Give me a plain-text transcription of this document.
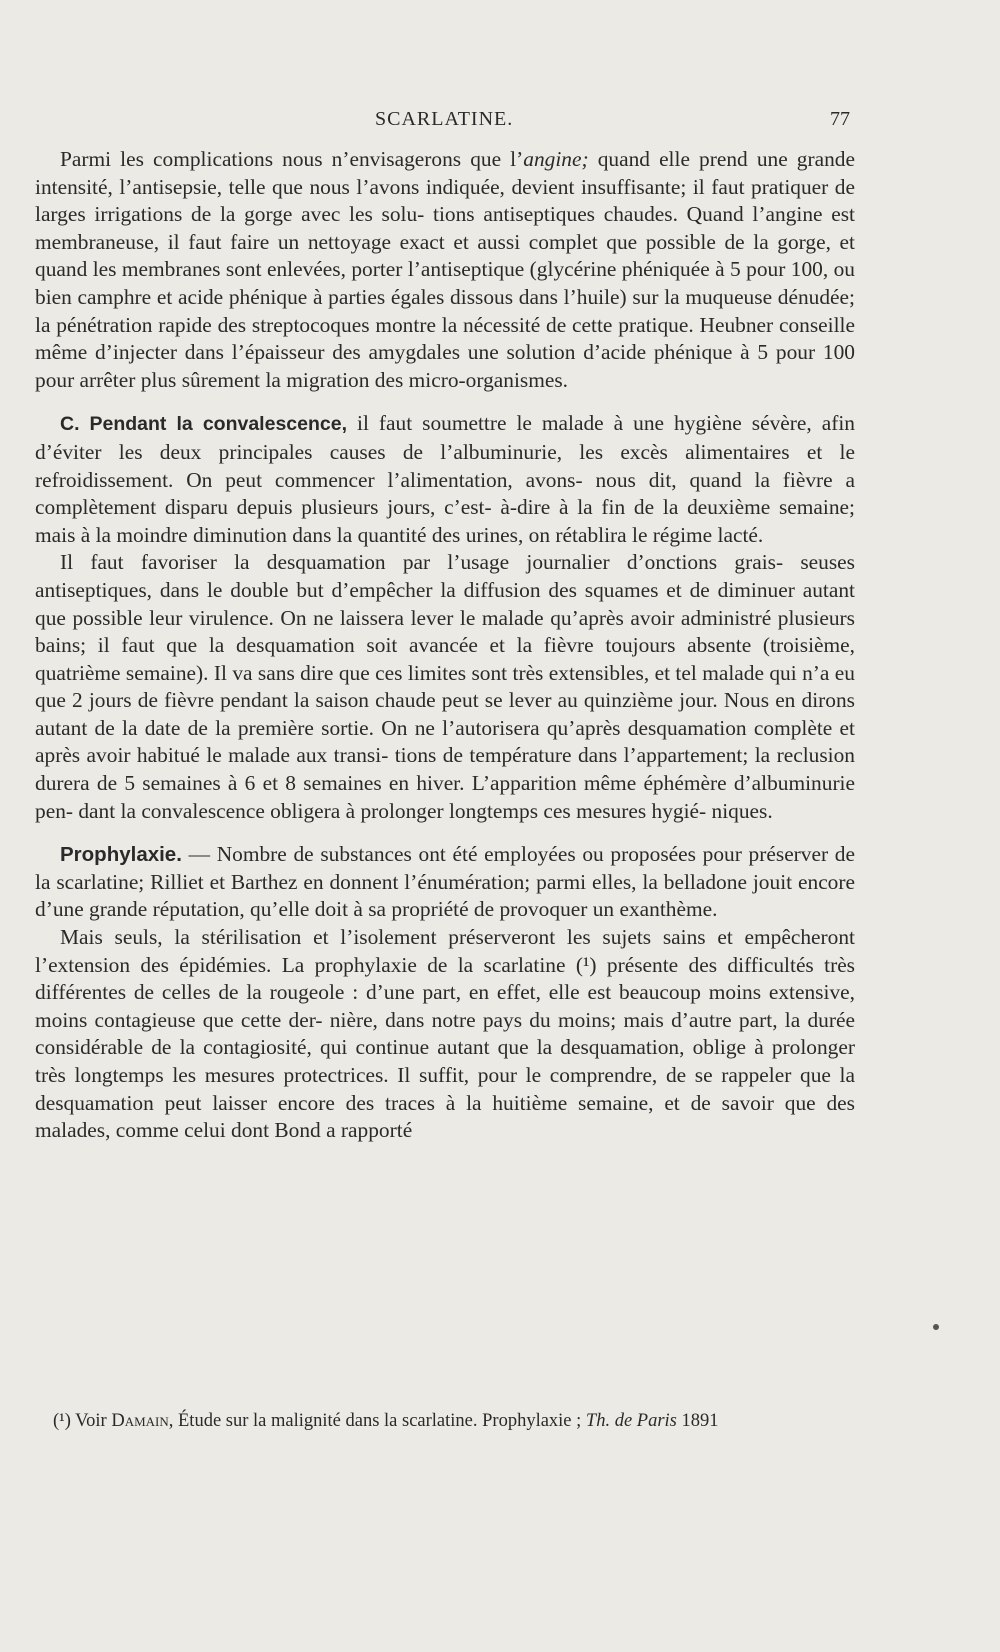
SCARLATINE.	77

Parmi les complications nous n’envisagerons que l’angine; quand elle prend une grande intensité, l’antisepsie, telle que nous l’avons indiquée, devient insuffisante; il faut pratiquer de larges irrigations de la gorge avec les solu- tions antiseptiques chaudes. Quand l’angine est membraneuse, il faut faire un nettoyage exact et aussi complet que possible de la gorge, et quand les membranes sont enlevées, porter l’antiseptique (glycérine phéniquée à 5 pour 100, ou bien camphre et acide phénique à parties égales dissous dans l’huile) sur la muqueuse dénudée; la pénétration rapide des streptocoques montre la nécessité de cette pratique. Heubner conseille même d’injecter dans l’épaisseur des amygdales une solution d’acide phénique à 5 pour 100 pour arrêter plus sûrement la migration des micro-organismes.

C. Pendant la convalescence, il faut soumettre le malade à une hygiène sévère, afin d’éviter les deux principales causes de l’albuminurie, les excès alimentaires et le refroidissement. On peut commencer l’alimentation, avons- nous dit, quand la fièvre a complètement disparu depuis plusieurs jours, c’est- à-dire à la fin de la deuxième semaine; mais à la moindre diminution dans la quantité des urines, on rétablira le régime lacté.

Il faut favoriser la desquamation par l’usage journalier d’onctions grais- seuses antiseptiques, dans le double but d’empêcher la diffusion des squames et de diminuer autant que possible leur virulence. On ne laissera lever le malade qu’après avoir administré plusieurs bains; il faut que la desquamation soit avancée et la fièvre toujours absente (troisième, quatrième semaine). Il va sans dire que ces limites sont très extensibles, et tel malade qui n’a eu que 2 jours de fièvre pendant la saison chaude peut se lever au quinzième jour. Nous en dirons autant de la date de la première sortie. On ne l’autorisera qu’après desquamation complète et après avoir habitué le malade aux transi- tions de température dans l’appartement; la reclusion durera de 5 semaines à 6 et 8 semaines en hiver. L’apparition même éphémère d’albuminurie pen- dant la convalescence obligera à prolonger longtemps ces mesures hygié- niques.

Prophylaxie. — Nombre de substances ont été employées ou proposées pour préserver de la scarlatine; Rilliet et Barthez en donnent l’énumération; parmi elles, la belladone jouit encore d’une grande réputation, qu’elle doit à sa propriété de provoquer un exanthème.

Mais seuls, la stérilisation et l’isolement préserveront les sujets sains et empêcheront l’extension des épidémies. La prophylaxie de la scarlatine (¹) présente des difficultés très différentes de celles de la rougeole : d’une part, en effet, elle est beaucoup moins extensive, moins contagieuse que cette der- nière, dans notre pays du moins; mais d’autre part, la durée considérable de la contagiosité, qui continue autant que la desquamation, oblige à prolonger très longtemps les mesures protectrices. Il suffit, pour le comprendre, de se rappeler que la desquamation peut laisser encore des traces à la huitième semaine, et de savoir que des malades, comme celui dont Bond a rapporté

(¹) Voir Damain, Étude sur la malignité dans la scarlatine. Prophylaxie ; Th. de Paris 1891
